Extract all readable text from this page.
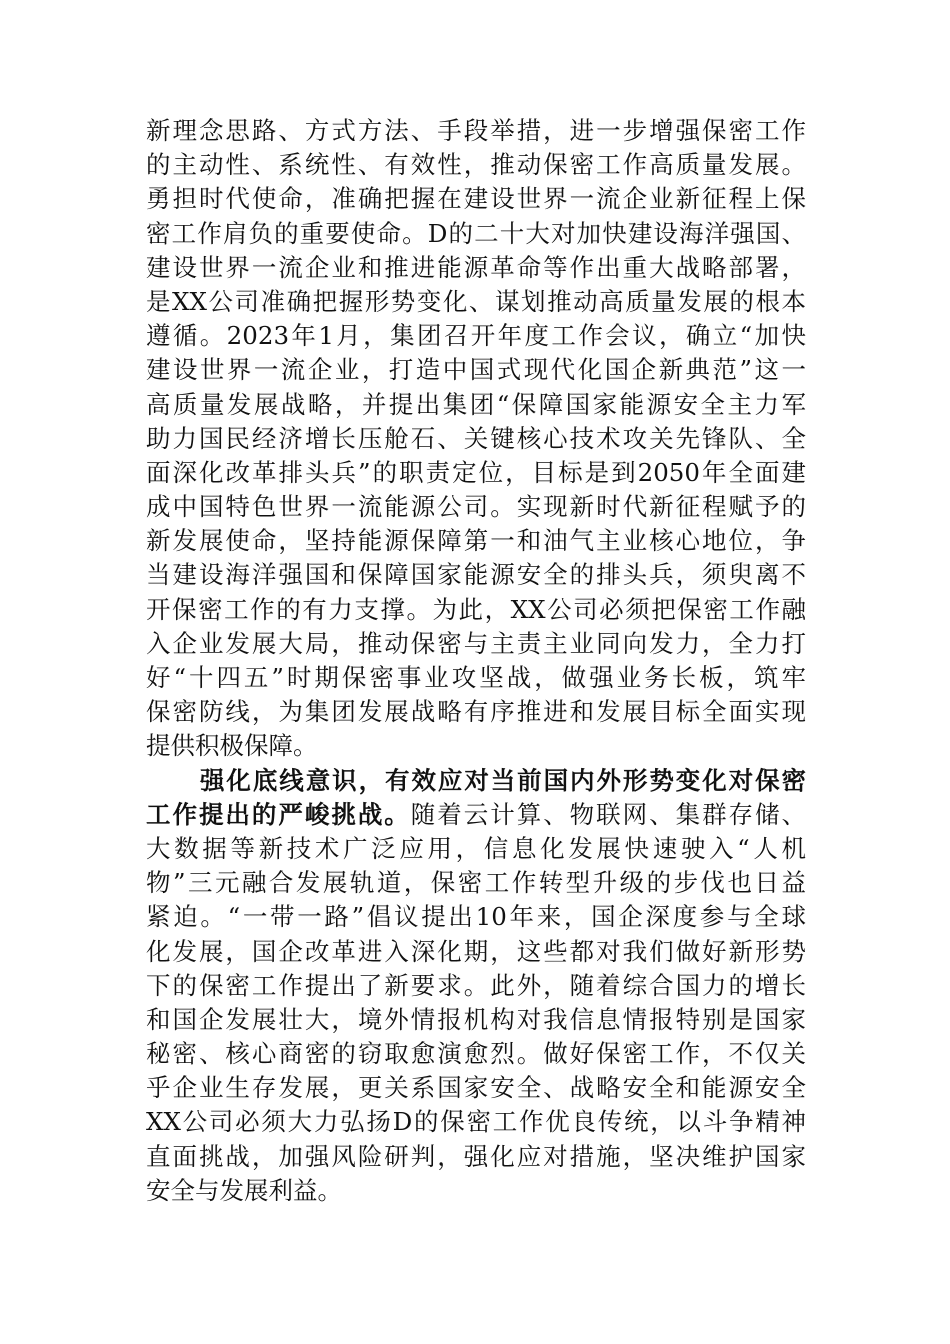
新理念思路、方式方法、手段举措，进一步增强保密工作
的主动性、系统性、有效性，推动保密工作高质量发展。
勇担时代使命，准确把握在建设世界一流企业新征程上保
密工作肩负的重要使命。D的二十大对加快建设海洋强国、
建设世界一流企业和推进能源革命等作出重大战略部署，
是XX公司准确把握形势变化、谋划推动高质量发展的根本
遵循。2023年1月，集团召开年度工作会议，确立“加快
建设世界一流企业，打造中国式现代化国企新典范”这一
高质量发展战略，并提出集团“保障国家能源安全主力军
助力国民经济增长压舱石、关键核心技术攻关先锋队、全
面深化改革排头兵”的职责定位，目标是到2050年全面建
成中国特色世界一流能源公司。实现新时代新征程赋予的
新发展使命，坚持能源保障第一和油气主业核心地位，争
当建设海洋强国和保障国家能源安全的排头兵，须臾离不
开保密工作的有力支撑。为此，XX公司必须把保密工作融
入企业发展大局，推动保密与主责主业同向发力，全力打
好“十四五”时期保密事业攻坚战，做强业务长板，筑牢
保密防线，为集团发展战略有序推进和发展目标全面实现
提供积极保障。
强化底线意识，有效应对当前国内外形势变化对保密
工作提出的严峻挑战。随着云计算、物联网、集群存储、
大数据等新技术广泛应用，信息化发展快速驶入“人机
物”三元融合发展轨道，保密工作转型升级的步伐也日益
紧迫。“一带一路”倡议提出10年来，国企深度参与全球
化发展，国企改革进入深化期，这些都对我们做好新形势
下的保密工作提出了新要求。此外，随着综合国力的增长
和国企发展壮大，境外情报机构对我信息情报特别是国家
秘密、核心商密的窃取愈演愈烈。做好保密工作，不仅关
乎企业生存发展，更关系国家安全、战略安全和能源安全
XX公司必须大力弘扬D的保密工作优良传统，以斗争精神
直面挑战，加强风险研判，强化应对措施，坚决维护国家
安全与发展利益。
